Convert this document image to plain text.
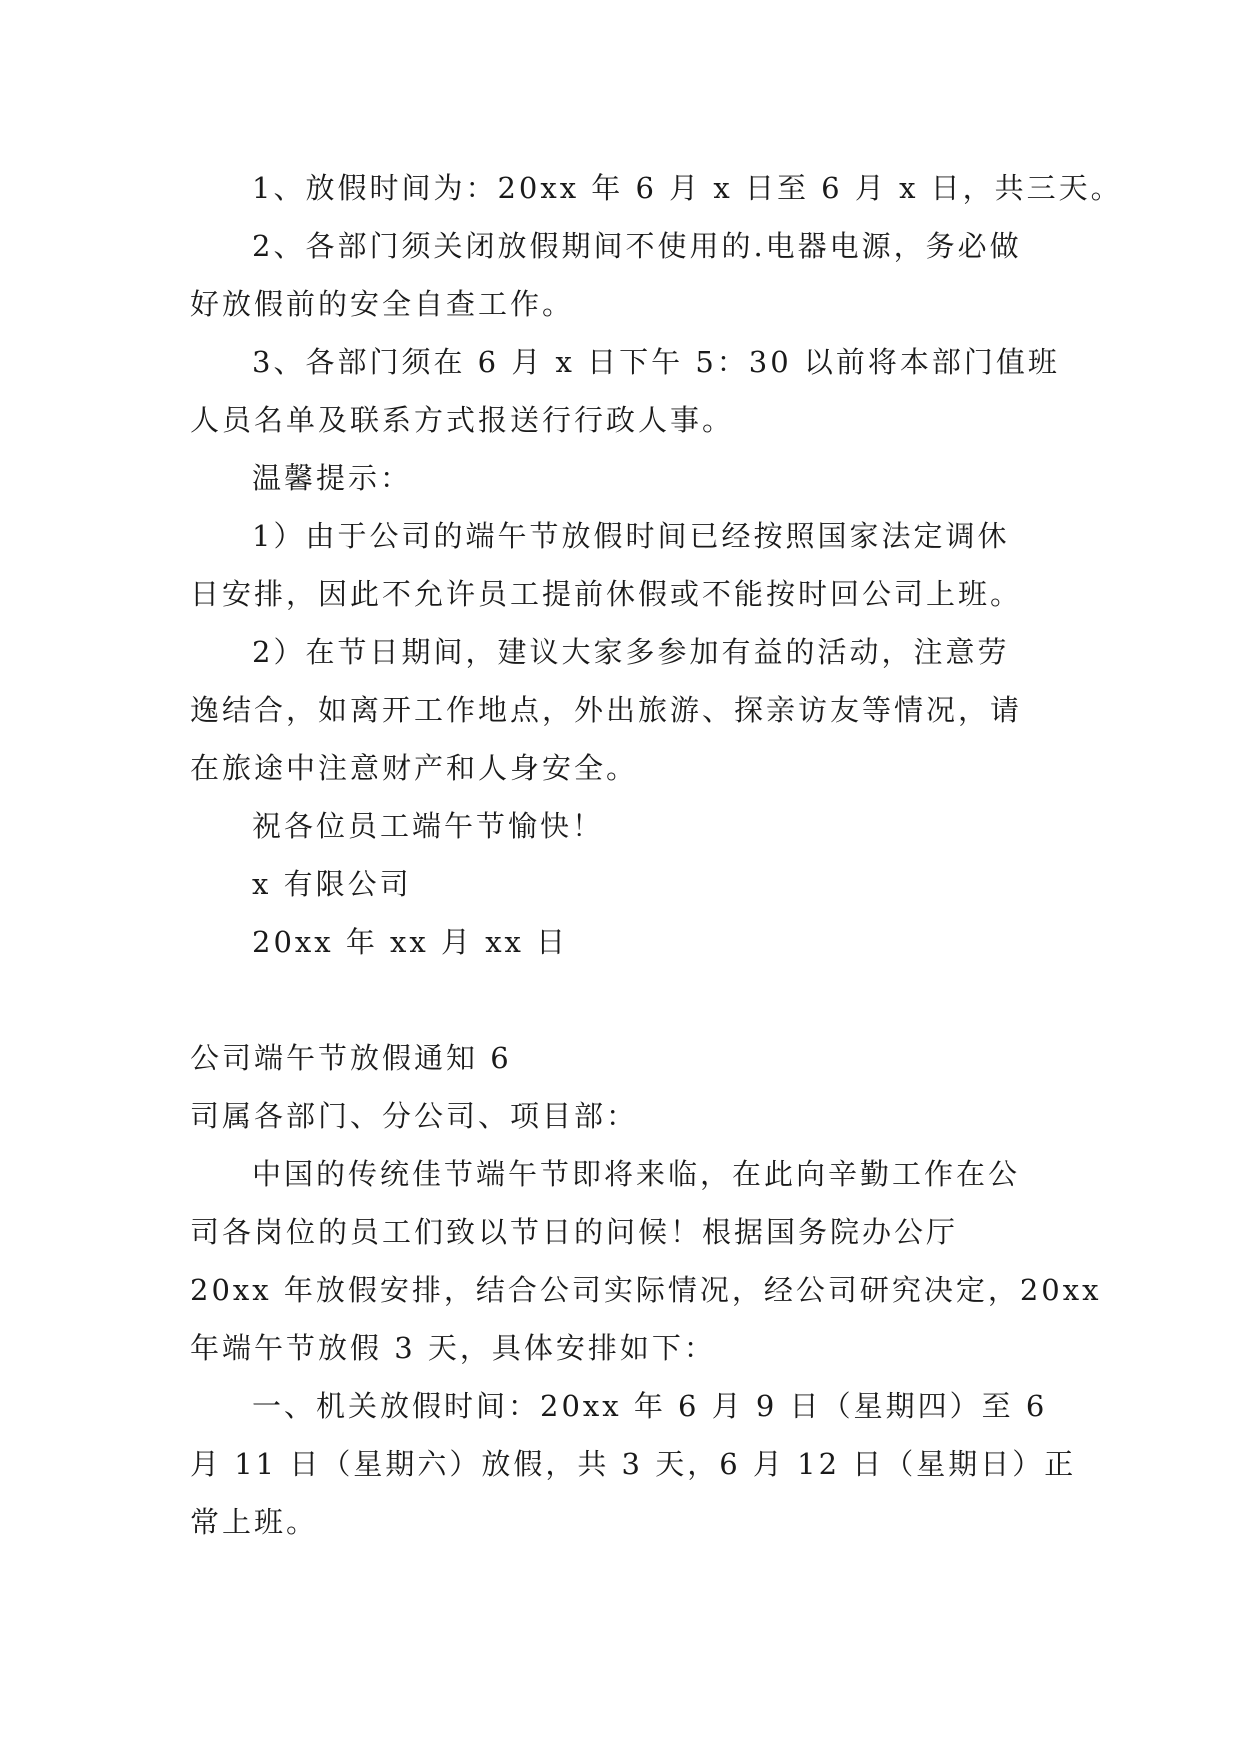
1、放假时间为：20xx 年 6 月 x 日至 6 月 x 日，共三天。
2、各部门须关闭放假期间不使用的.电器电源，务必做
好放假前的安全自查工作。
3、各部门须在 6 月 x 日下午 5：30 以前将本部门值班
人员名单及联系方式报送行行政人事。
温馨提示：
1）由于公司的端午节放假时间已经按照国家法定调休
日安排，因此不允许员工提前休假或不能按时回公司上班。
2）在节日期间，建议大家多参加有益的活动，注意劳
逸结合，如离开工作地点，外出旅游、探亲访友等情况，请
在旅途中注意财产和人身安全。
祝各位员工端午节愉快！
x 有限公司
20xx 年 xx 月 xx 日
公司端午节放假通知 6
司属各部门、分公司、项目部：
中国的传统佳节端午节即将来临，在此向辛勤工作在公
司各岗位的员工们致以节日的问候！根据国务院办公厅
20xx 年放假安排，结合公司实际情况，经公司研究决定，20xx
年端午节放假 3 天，具体安排如下：
一、机关放假时间：20xx 年 6 月 9 日（星期四）至 6
月 11 日（星期六）放假，共 3 天，6 月 12 日（星期日）正
常上班。
